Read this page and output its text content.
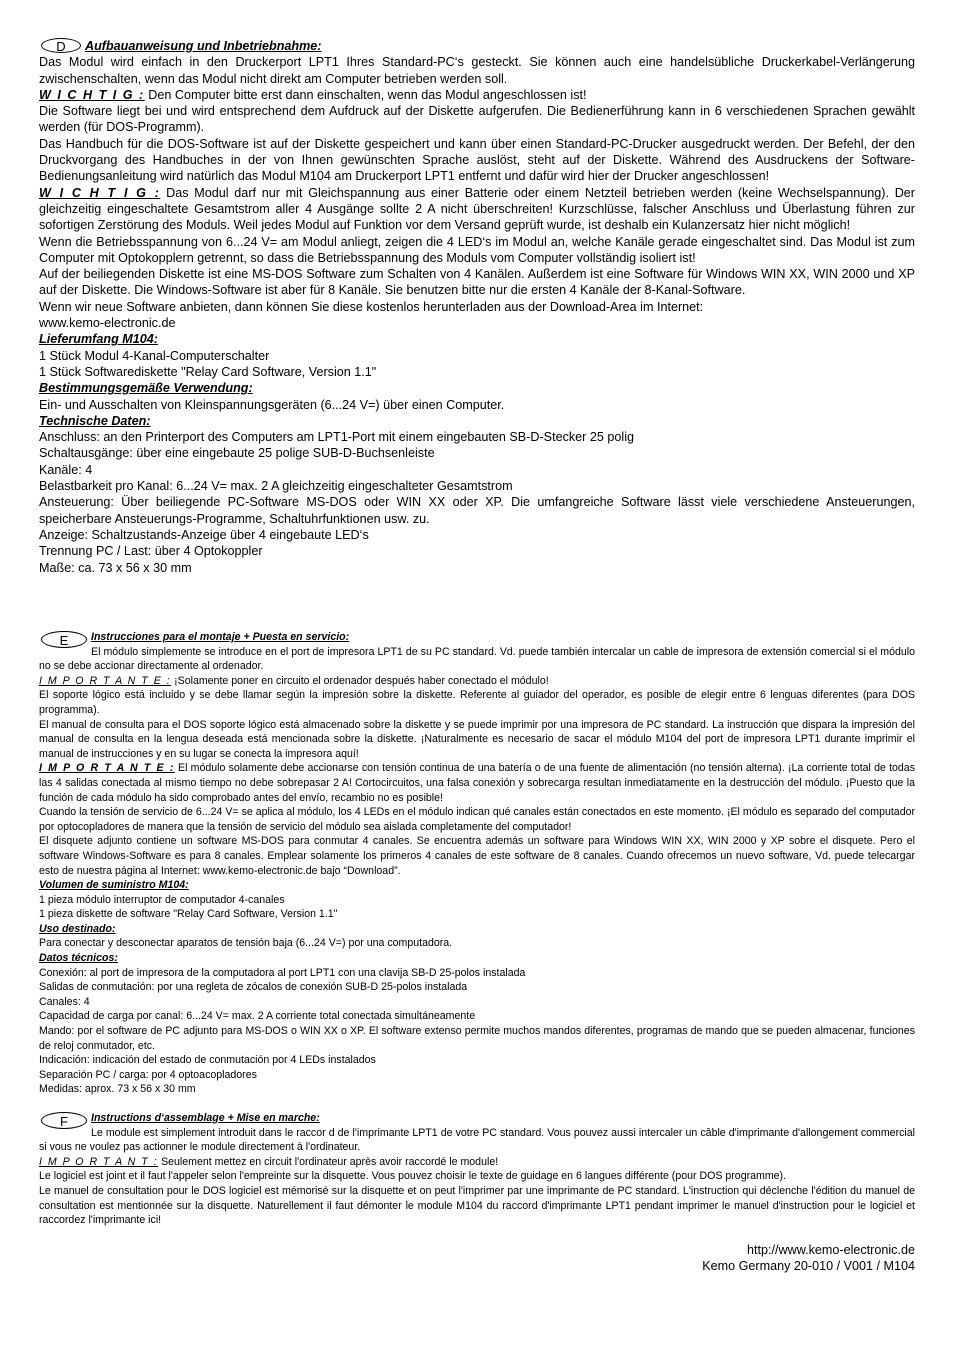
D	Aufbauanweisung und Inbetriebnahme:

Das Modul wird einfach in den Druckerport LPT1 Ihres Standard-PC‘s gesteckt. Sie können auch eine handelsübliche Druckerkabel-Verlängerung zwischenschalten, wenn das Modul nicht direkt am Computer betrieben werden soll.

W I C H T I G : Den Computer bitte erst dann einschalten, wenn das Modul angeschlossen ist!

Die Software liegt bei und wird entsprechend dem Aufdruck auf der Diskette aufgerufen. Die Bedienerführung kann in 6 verschiedenen Sprachen gewählt werden (für DOS-Programm).

Das Handbuch für die DOS-Software ist auf der Diskette gespeichert und kann über einen Standard-PC-Drucker ausgedruckt werden. Der Befehl, der den Druckvorgang des Handbuches in der von Ihnen gewünschten Sprache auslöst, steht auf der Diskette. Während des Ausdruckens der Software-Bedienungsanleitung wird natürlich das Modul M104 am Druckerport LPT1 entfernt und dafür wird hier der Drucker angeschlossen!

W I C H T I G : Das Modul darf nur mit Gleichspannung aus einer Batterie oder einem Netzteil betrieben werden (keine Wechselspannung). Der gleichzeitig eingeschaltete Gesamtstrom aller 4 Ausgänge sollte 2 A nicht überschreiten! Kurzschlüsse, falscher Anschluss und Überlastung führen zur sofortigen Zerstörung des Moduls. Weil jedes Modul auf Funktion vor dem Versand geprüft wurde, ist deshalb ein Kulanzersatz hier nicht möglich!

Wenn die Betriebsspannung von 6...24 V= am Modul anliegt, zeigen die 4 LED‘s im Modul an, welche Kanäle gerade eingeschaltet sind. Das Modul ist zum Computer mit Optokopplern getrennt, so dass die Betriebsspannung des Moduls vom Computer vollständig isoliert ist!

Auf der beiliegenden Diskette ist eine MS-DOS Software zum Schalten von 4 Kanälen. Außerdem ist eine Software für Windows WIN XX, WIN 2000 und XP auf der Diskette. Die Windows-Software ist aber für 8 Kanäle. Sie benutzen bitte nur die ersten 4 Kanäle der 8-Kanal-Software.

Wenn wir neue Software anbieten, dann können Sie diese kostenlos herunterladen aus der Download-Area im Internet:

www.kemo-electronic.de

Lieferumfang M104:

1 Stück Modul 4-Kanal-Computerschalter

1 Stück Softwarediskette "Relay Card Software, Version 1.1"

Bestimmungsgemäße Verwendung:

Ein- und Ausschalten von Kleinspannungsgeräten (6...24 V=) über einen Computer.

Technische Daten:

Anschluss: an den Printerport des Computers am LPT1-Port mit einem eingebauten SB-D-Stecker 25 polig

Schaltausgänge: über eine eingebaute 25 polige SUB-D-Buchsenleiste

Kanäle: 4

Belastbarkeit pro Kanal: 6...24 V= max. 2 A gleichzeitig eingeschalteter Gesamtstrom

Ansteuerung: Über beiliegende PC-Software MS-DOS oder WIN XX oder XP. Die umfangreiche Software lässt viele verschiedene Ansteuerungen, speicherbare Ansteuerungs-Programme, Schaltuhrfunktionen usw. zu.

Anzeige: Schaltzustands-Anzeige über 4 eingebaute LED‘s

Trennung PC / Last: über 4 Optokoppler

Maße: ca. 73 x 56 x 30 mm

E	Instrucciones para el montaje + Puesta en servicio:

El módulo simplemente se introduce en el port de impresora LPT1 de su PC standard. Vd. puede también intercalar un cable de impresora de extensión comercial si el módulo no se debe accionar directamente al ordenador.

I M P O R T A N T E : ¡Solamente poner en circuito el ordenador después haber conectado el módulo!

El soporte lógico está incluido y se debe llamar según la impresión sobre la diskette. Referente al guiador del operador, es posible de elegir entre 6 lenguas diferentes (para DOS programma).

El manual de consulta para el DOS soporte lógico está almacenado sobre la diskette y se puede imprimir por una impresora de PC standard. La instrucción que dispara la impresión del manual de consulta en la lengua deseada está mencionada sobre la diskette. ¡Naturalmente es necesario de sacar el módulo M104 del port de impresora LPT1 durante imprimir el manual de instrucciones y en su lugar se conecta la impresora aquí!

I M P O R T A N T E : El módulo solamente debe accionarse con tensión continua de una batería o de una fuente de alimentación (no tensión alterna). ¡La corriente total de todas las 4 salidas conectada al mismo tiempo no debe sobrepasar 2 A! Cortocircuitos, una falsa conexión y sobrecarga resultan inmediatamente en la destrucción del módulo. ¡Puesto que la función de cada módulo ha sido comprobado antes del envío, recambio no es posible!

Cuando la tensión de servicio de 6...24 V= se aplica al módulo, los 4 LEDs en el módulo indican qué canales están conectados en este momento. ¡El módulo es separado del computador por optocopladores de manera que la tensión de servicio del módulo sea aislada completamente del computador!

El disquete adjunto contiene un software MS-DOS para conmutar 4 canales. Se encuentra además un software para Windows WIN XX, WIN 2000 y XP sobre el disquete. Pero el software Windows-Software es para 8 canales. Emplear solamente los primeros 4 canales de este software de 8 canales. Cuando ofrecemos un nuevo software, Vd. puede telecargar esto de nuestra página al Internet: www.kemo-electronic.de bajo “Download”.

Volumen de suministro M104:

1 pieza módulo interruptor de computador 4-canales

1 pieza diskette de software "Relay Card Software, Version 1.1"

Uso destinado:

Para conectar y desconectar aparatos de tensión baja (6...24 V=) por una computadora.

Datos técnicos:

Conexión: al port de impresora de la computadora al port LPT1 con una clavija SB-D 25-polos instalada

Salidas de conmutación: por una regleta de zócalos de conexión SUB-D 25-polos instalada

Canales: 4

Capacidad de carga por canal: 6...24 V= max. 2 A corriente total conectada simultáneamente

Mando: por el software de PC adjunto para MS-DOS o WIN XX o XP. El software extenso permite muchos mandos diferentes, programas de mando que se pueden almacenar, funciones de reloj conmutador, etc.

Indicación: indicación del estado de conmutación por 4 LEDs instalados

Separación PC / carga: por 4 optoacopladores

Medidas: aprox. 73 x 56 x 30 mm

F	Instructions d‘assemblage + Mise en marche:

Le module est simplement introduit dans le raccor d de l'imprimante LPT1 de votre PC standard. Vous pouvez aussi intercaler un câble d'imprimante d'allongement commercial si vous ne voulez pas actionner le module directement à l'ordinateur.

I M P O R T A N T : Seulement mettez en circuit l'ordinateur après avoir raccordé le module!

Le logiciel est joint et il faut l'appeler selon l'empreinte sur la disquette. Vous pouvez choisir le texte de guidage en 6 langues différente (pour DOS programme).

Le manuel de consultation pour le DOS logiciel est mémorisé sur la disquette et on peut l'imprimer par une imprimante de PC standard. L'instruction qui déclenche l'édition du manuel de consultation est mentionnée sur la disquette. Naturellement il faut démonter le module M104 du raccord d'imprimante LPT1 pendant imprimer le manuel d'instruction pour le logiciel et raccordez l'imprimante ici!

http://www.kemo-electronic.de

Kemo Germany 20-010 / V001 / M104
